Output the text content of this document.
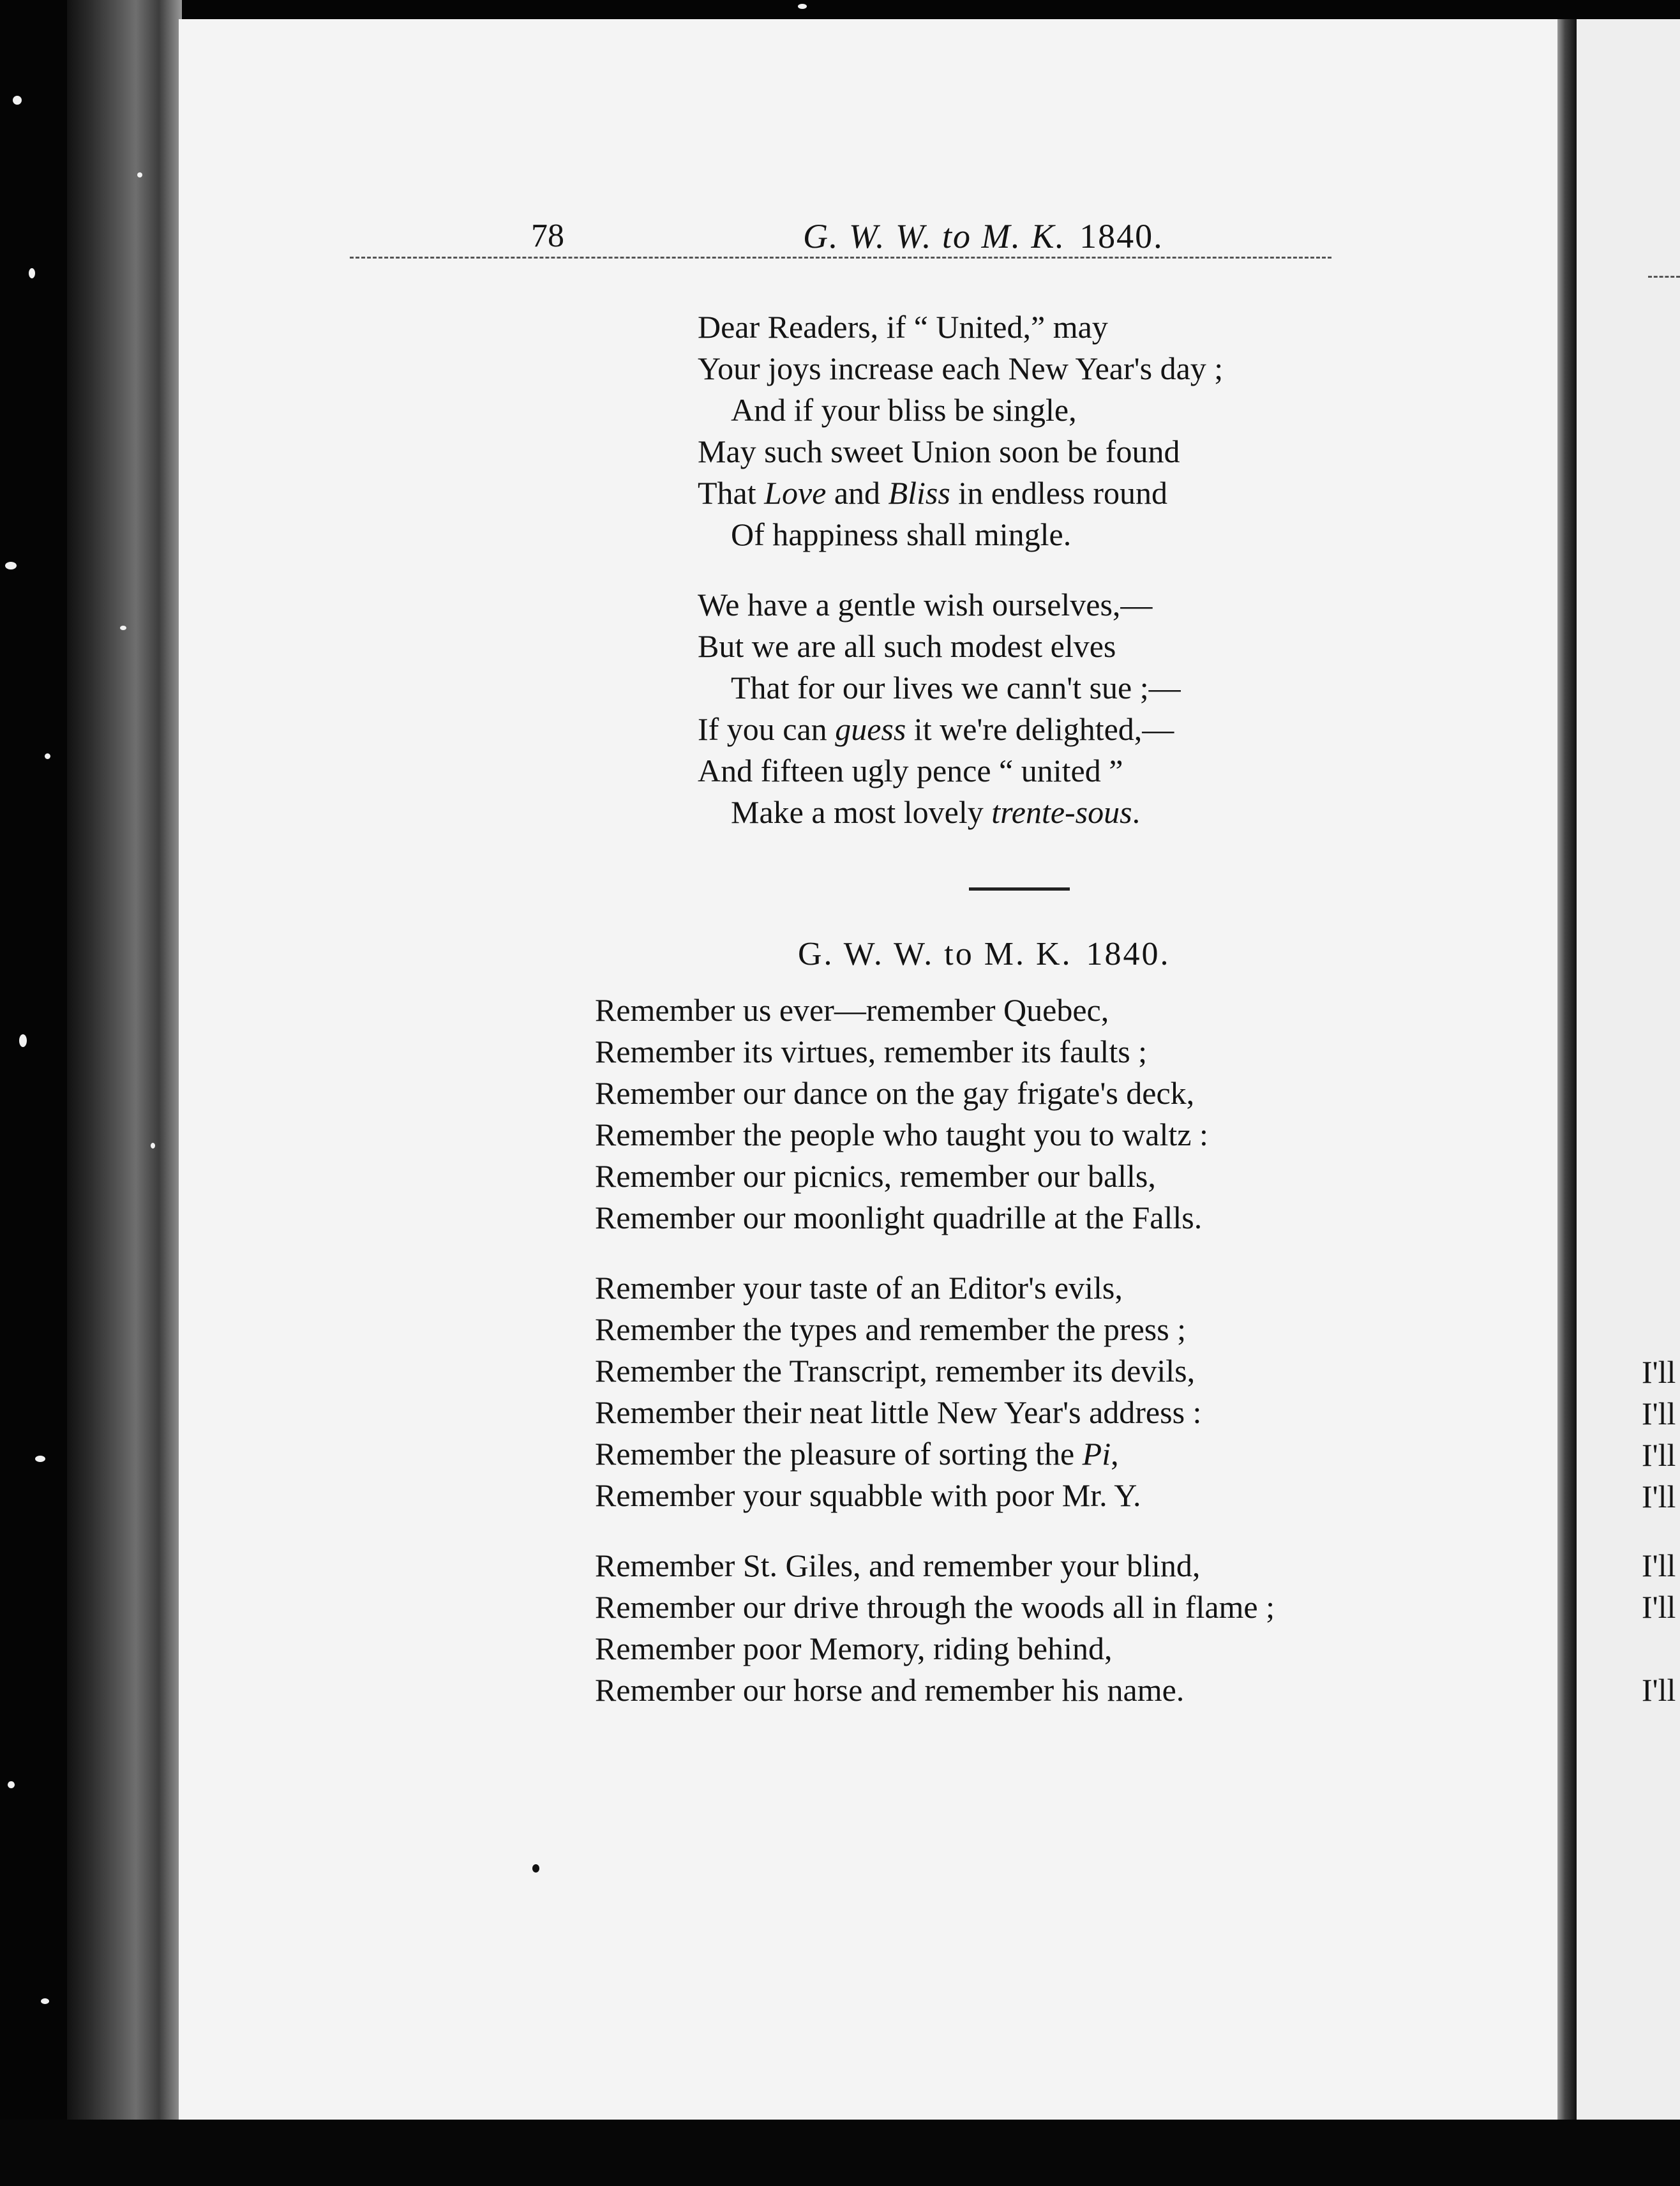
78	G. W. W. to M. K. 1840.
Dear Readers, if “ United,” may
Your joys increase each New Year's day ;
And if your bliss be single,
May such sweet Union soon be found
That Love and Bliss in endless round
Of happiness shall mingle.
We have a gentle wish ourselves,—
But we are all such modest elves
That for our lives we cann't sue ;—
If you can guess it we're delighted,—
And fifteen ugly pence “ united ”
Make a most lovely trente-sous.
G. W. W. to M. K. 1840.
Remember us ever—remember Quebec,
Remember its virtues, remember its faults ;
Remember our dance on the gay frigate's deck,
Remember the people who taught you to waltz :
Remember our picnics, remember our balls,
Remember our moonlight quadrille at the Falls.
Remember your taste of an Editor's evils,
Remember the types and remember the press ;
Remember the Transcript, remember its devils,
Remember their neat little New Year's address :
Remember the pleasure of sorting the Pi,
Remember your squabble with poor Mr. Y.
Remember St. Giles, and remember your blind,
Remember our drive through the woods all in flame ;
Remember poor Memory, riding behind,
Remember our horse and remember his name.
I'll
I'll
I'll
I'll
I'll
I'll
I'll
